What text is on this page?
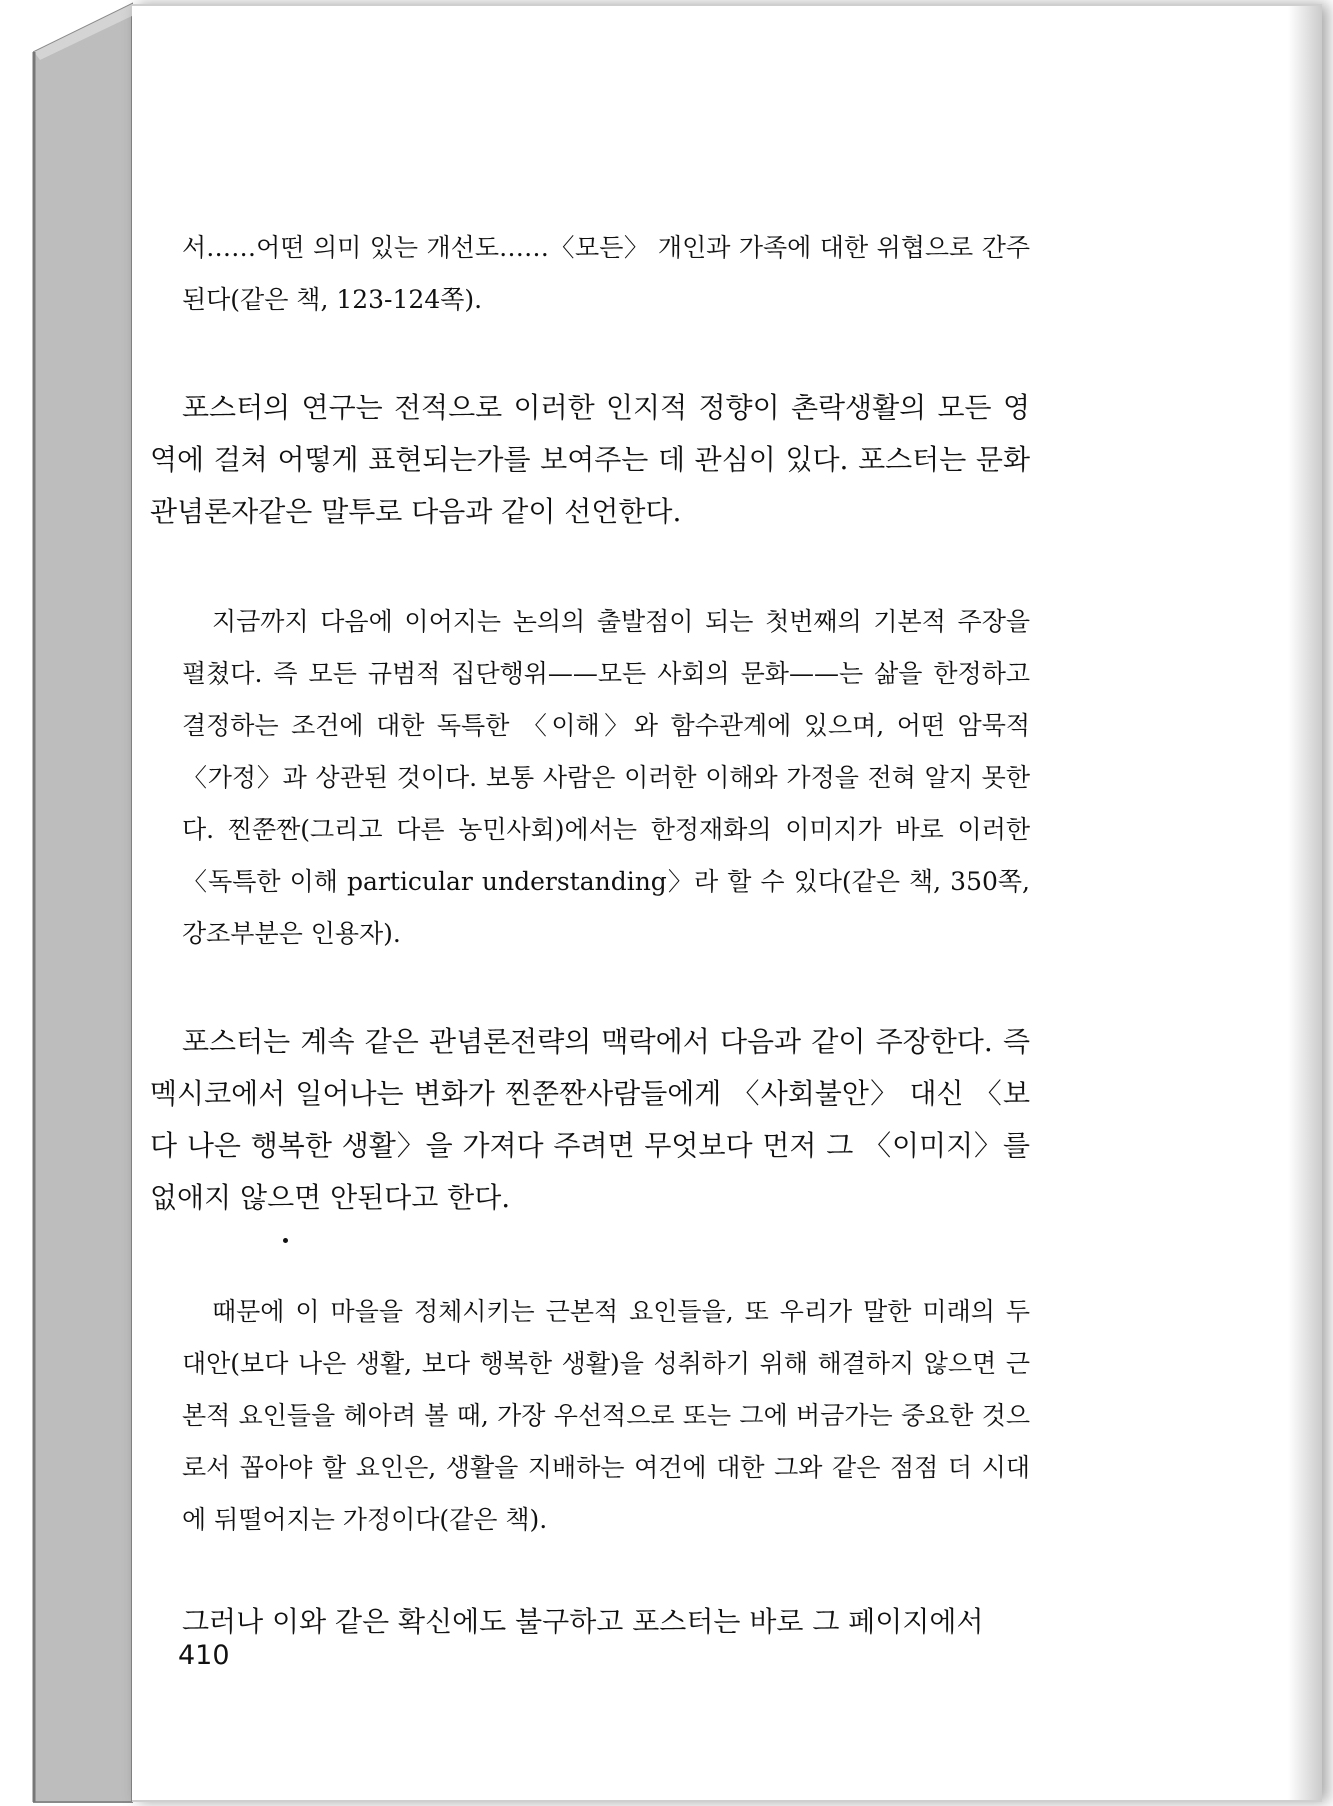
서……어떤 의미 있는 개선도……〈모든〉 개인과 가족에 대한 위협으로 간주된다(같은 책, 123-124쪽).

포스터의 연구는 전적으로 이러한 인지적 정향이 촌락생활의 모든 영역에 걸쳐 어떻게 표현되는가를 보여주는 데 관심이 있다. 포스터는 문화관념론자같은 말투로 다음과 같이 선언한다.

지금까지 다음에 이어지는 논의의 출발점이 되는 첫번째의 기본적 주장을 펼쳤다. 즉 모든 규범적 집단행위——모든 사회의 문화——는 삶을 한정하고 결정하는 조건에 대한 독특한 〈이해〉와 함수관계에 있으며, 어떤 암묵적 〈가정〉과 상관된 것이다. 보통 사람은 이러한 이해와 가정을 전혀 알지 못한다. 찐쭌짠(그리고 다른 농민사회)에서는 한정재화의 이미지가 바로 이러한 〈독특한 이해 particular understanding〉라 할 수 있다(같은 책, 350쪽, 강조부분은 인용자).

포스터는 계속 같은 관념론전략의 맥락에서 다음과 같이 주장한다. 즉 멕시코에서 일어나는 변화가 찐쭌짠사람들에게 〈사회불안〉 대신 〈보다 나은 행복한 생활〉을 가져다 주려면 무엇보다 먼저 그 〈이미지〉를 없애지 않으면 안된다고 한다.

때문에 이 마을을 정체시키는 근본적 요인들을, 또 우리가 말한 미래의 두 대안(보다 나은 생활, 보다 행복한 생활)을 성취하기 위해 해결하지 않으면 근본적 요인들을 헤아려 볼 때, 가장 우선적으로 또는 그에 버금가는 중요한 것으로서 꼽아야 할 요인은, 생활을 지배하는 여건에 대한 그와 같은 점점 더 시대에 뒤떨어지는 가정이다(같은 책).

그러나 이와 같은 확신에도 불구하고 포스터는 바로 그 페이지에서

410
